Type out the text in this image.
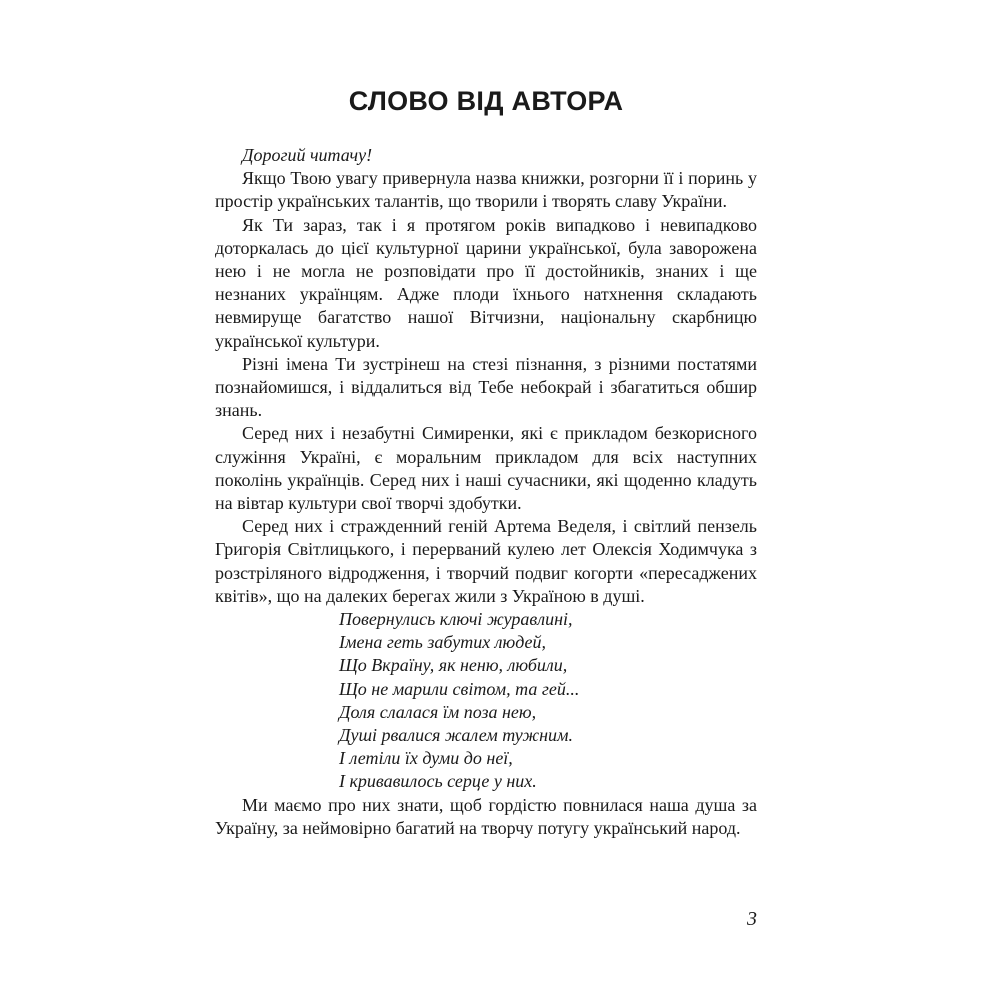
СЛОВО ВІД АВТОРА

Дорогий читачу!

Якщо Твою увагу привернула назва книжки, розгорни її і поринь у простір українських талантів, що творили і творять славу України.

Як Ти зараз, так і я протягом років випадково і невипадково доторкалась до цієї культурної царини української, була заворожена нею і не могла не розповідати про її достойників, знаних і ще незнаних українцям. Адже плоди їхнього натхнення складають невмируще багатство нашої Вітчизни, національну скарбницю української культури.

Різні імена Ти зустрінеш на стезі пізнання, з різними постатями познайомишся, і віддалиться від Тебе небокрай і збагатиться обшир знань.

Серед них і незабутні Симиренки, які є прикладом безкорисного служіння Україні, є моральним прикладом для всіх наступних поколінь українців. Серед них і наші сучасники, які щоденно кладуть на вівтар культури свої творчі здобутки.

Серед них і стражденний геній Артема Веделя, і світлий пензель Григорія Світлицького, і перерваний кулею лет Олексія Ходимчука з розстріляного відродження, і творчий подвиг когорти «пересаджених квітів», що на далеких берегах жили з Україною в душі.

Повернулись ключі журавлині,
Імена геть забутих людей,
Що Вкраїну, як неню, любили,
Що не марили світом, та гей...
Доля слалася їм поза нею,
Душі рвалися жалем тужним.
І летіли їх думи до неї,
І кривавилось серце у них.

Ми маємо про них знати, щоб гордістю повнилася наша душа за Україну, за неймовірно багатий на творчу потугу український народ.

3
